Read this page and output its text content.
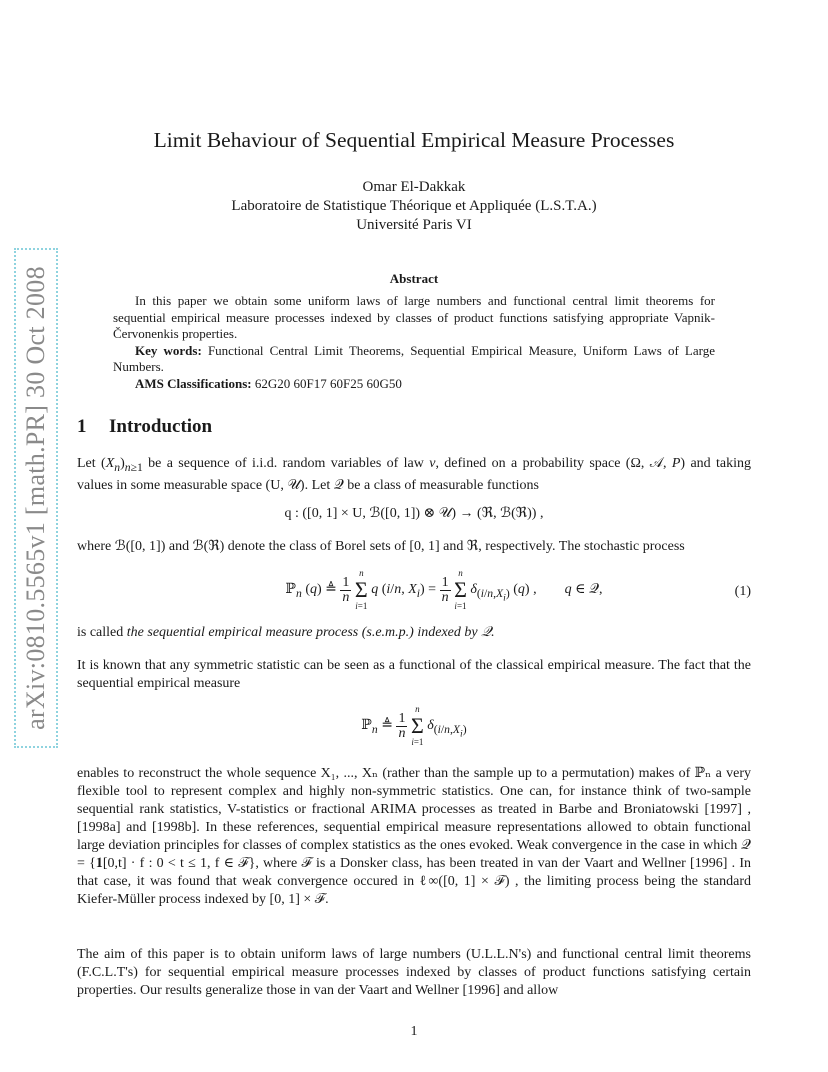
arXiv:0810.5565v1 [math.PR] 30 Oct 2008
Limit Behaviour of Sequential Empirical Measure Processes
Omar El-Dakkak
Laboratoire de Statistique Théorique et Appliquée (L.S.T.A.)
Université Paris VI
Abstract

In this paper we obtain some uniform laws of large numbers and functional central limit theorems for sequential empirical measure processes indexed by classes of product functions satisfying appropriate Vapnik-Červonenkis properties.

Key words: Functional Central Limit Theorems, Sequential Empirical Measure, Uniform Laws of Large Numbers.

AMS Classifications: 62G20 60F17 60F25 60G50

1 Introduction

Let $(X_n)_{n\ge 1}$ be a sequence of i.i.d. random variables of law ν, defined on a probability space (Ω, 𝒜, P) and taking values in some measurable space (U, 𝒰). Let 𝒬 be a class of measurable functions

q : ([0, 1] × U, ℬ([0, 1]) ⊗ 𝒰) → (ℜ, ℬ(ℜ)) ,
where ℬ([0, 1]) and ℬ(ℜ) denote the class of Borel sets of [0, 1] and ℜ, respectively. The stochastic process
ℙ$_n$ (q) ≜ $\frac{1}{n}$

n
Σ
i=1
q (i/n, $X_i) = \frac{1}{n}$

n
Σ
i=1
$\delta_{(i/n,X_i)}$ (q) ,        q ∈ 𝒬,	(1)
is called the sequential empirical measure process (s.e.m.p.) indexed by 𝒬.
It is known that any symmetric statistic can be seen as a functional of the classical empirical measure. The fact that the sequential empirical measure
ℙ$_n$ ≜ $\frac{1}{n}$

n
Σ
i=1
$\delta_{(i/n,X_i)}$
enables to reconstruct the whole sequence X₁, ..., Xₙ (rather than the sample up to a permutation) makes of ℙₙ a very flexible tool to represent complex and highly non-symmetric statistics. One can, for instance think of two-sample sequential rank statistics, V-statistics or fractional ARIMA processes as treated in Barbe and Broniatowski [1997] , [1998a] and [1998b]. In these references, sequential empirical measure representations allowed to obtain functional large deviation principles for classes of complex statistics as the ones evoked. Weak convergence in the case in which 𝒬 = {𝟏[0,t] · f : 0 < t ≤ 1, f ∈ ℱ}, where ℱ is a Donsker class, has been treated in van der Vaart and Wellner [1996] . In that case, it was found that weak convergence occured in ℓ∞([0, 1] × ℱ) , the limiting process being the standard Kiefer-Müller process indexed by [0, 1] × ℱ.
The aim of this paper is to obtain uniform laws of large numbers (U.L.L.N's) and functional central limit theorems (F.C.L.T's) for sequential empirical measure processes indexed by classes of product functions satisfying certain properties. Our results generalize those in van der Vaart and Wellner [1996] and allow
1
